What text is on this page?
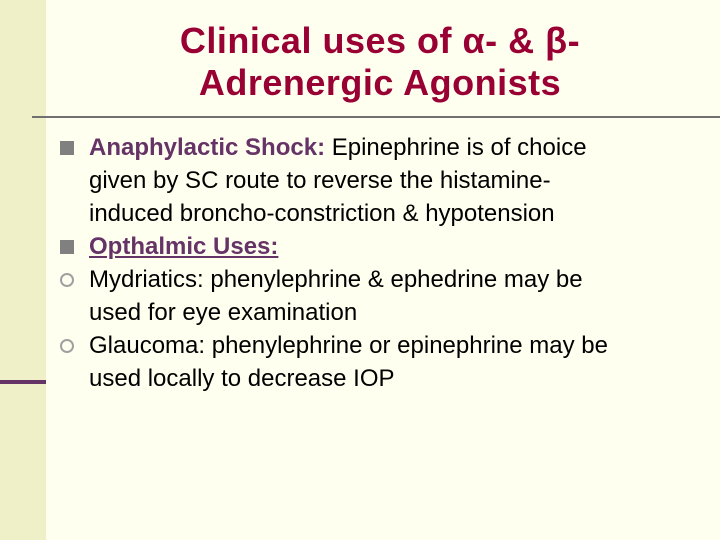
Clinical uses of α- & β-
Adrenergic Agonists
Anaphylactic Shock: Epinephrine is of choice
given by SC route to reverse the histamine-
induced broncho-constriction & hypotension
Opthalmic Uses:
Mydriatics: phenylephrine & ephedrine may be
used for eye examination
Glaucoma: phenylephrine or epinephrine may be
used locally to decrease IOP
